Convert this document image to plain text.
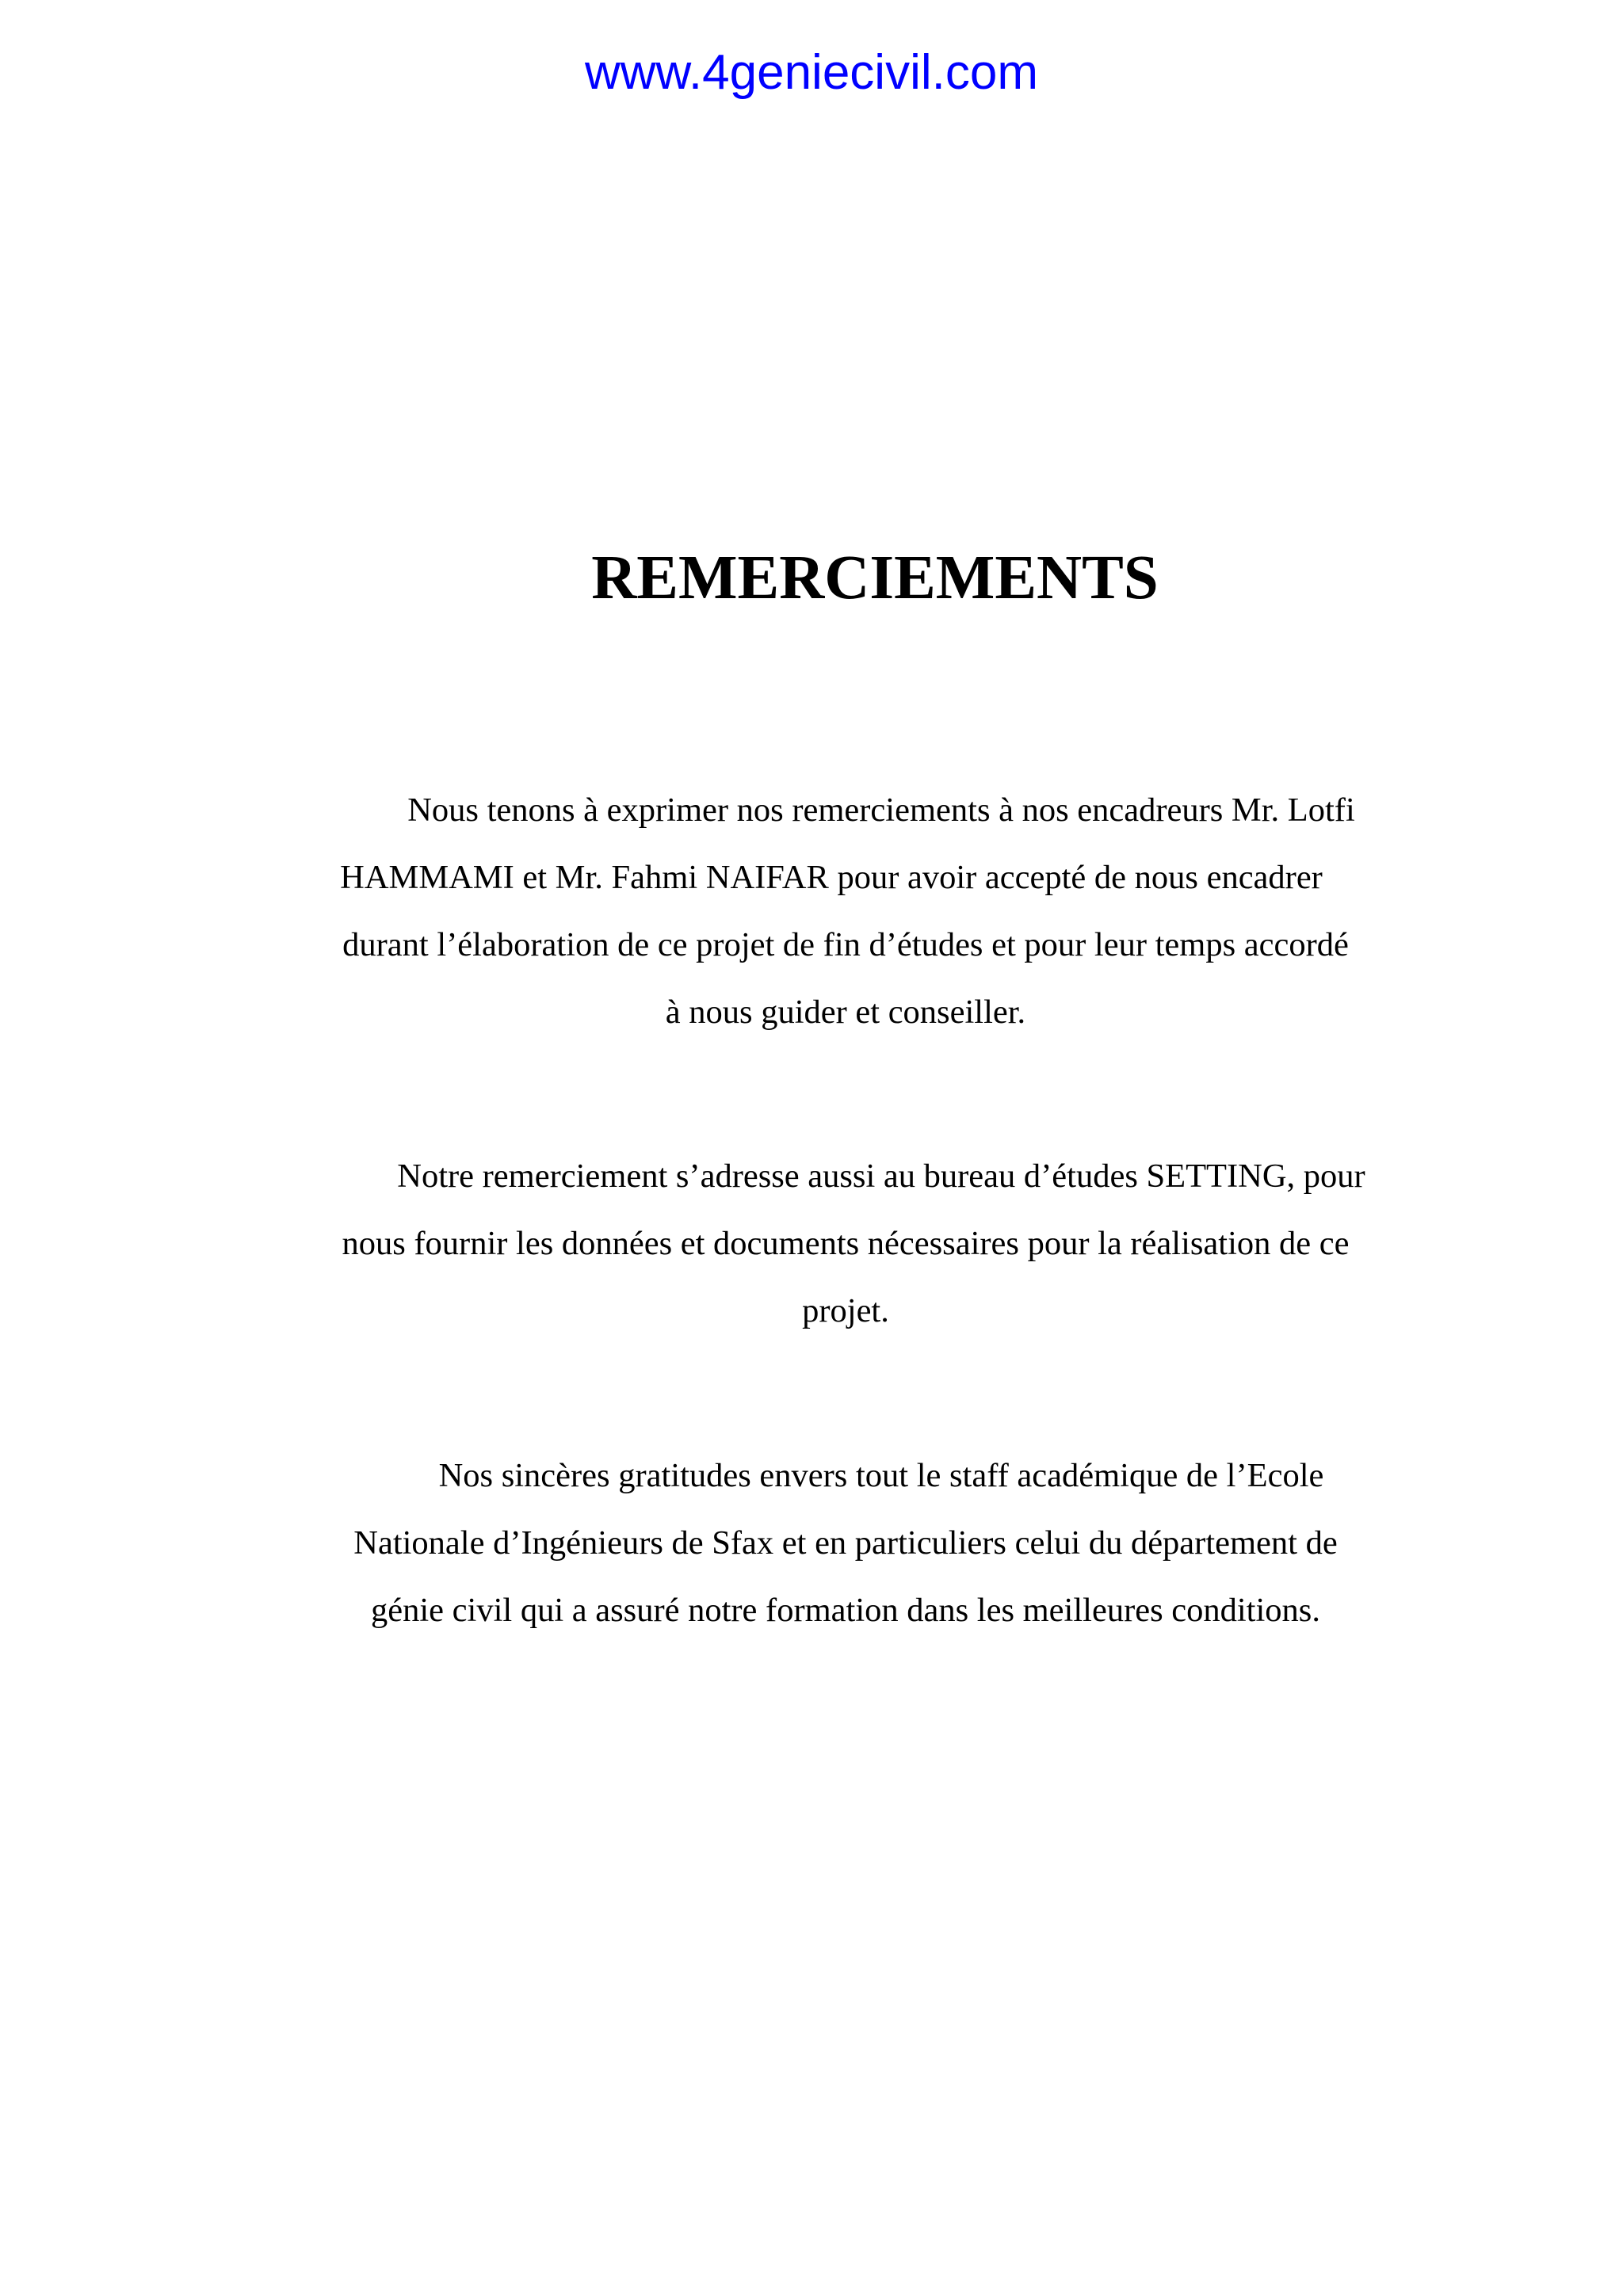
www.4geniecivil.com

REMERCIEMENTS

Nous tenons à exprimer nos remerciements à nos encadreurs Mr. Lotfi
HAMMAMI et Mr. Fahmi NAIFAR pour avoir accepté de nous encadrer
durant l’élaboration de ce projet de fin d’études et pour leur temps accordé
à nous guider et conseiller.

Notre remerciement s’adresse aussi au bureau d’études SETTING, pour
nous fournir les données et documents nécessaires pour la réalisation de ce
projet.

Nos sincères gratitudes envers tout le staff académique de l’Ecole
Nationale d’Ingénieurs de Sfax et en particuliers celui du département de
génie civil qui a assuré notre formation dans les meilleures conditions.
